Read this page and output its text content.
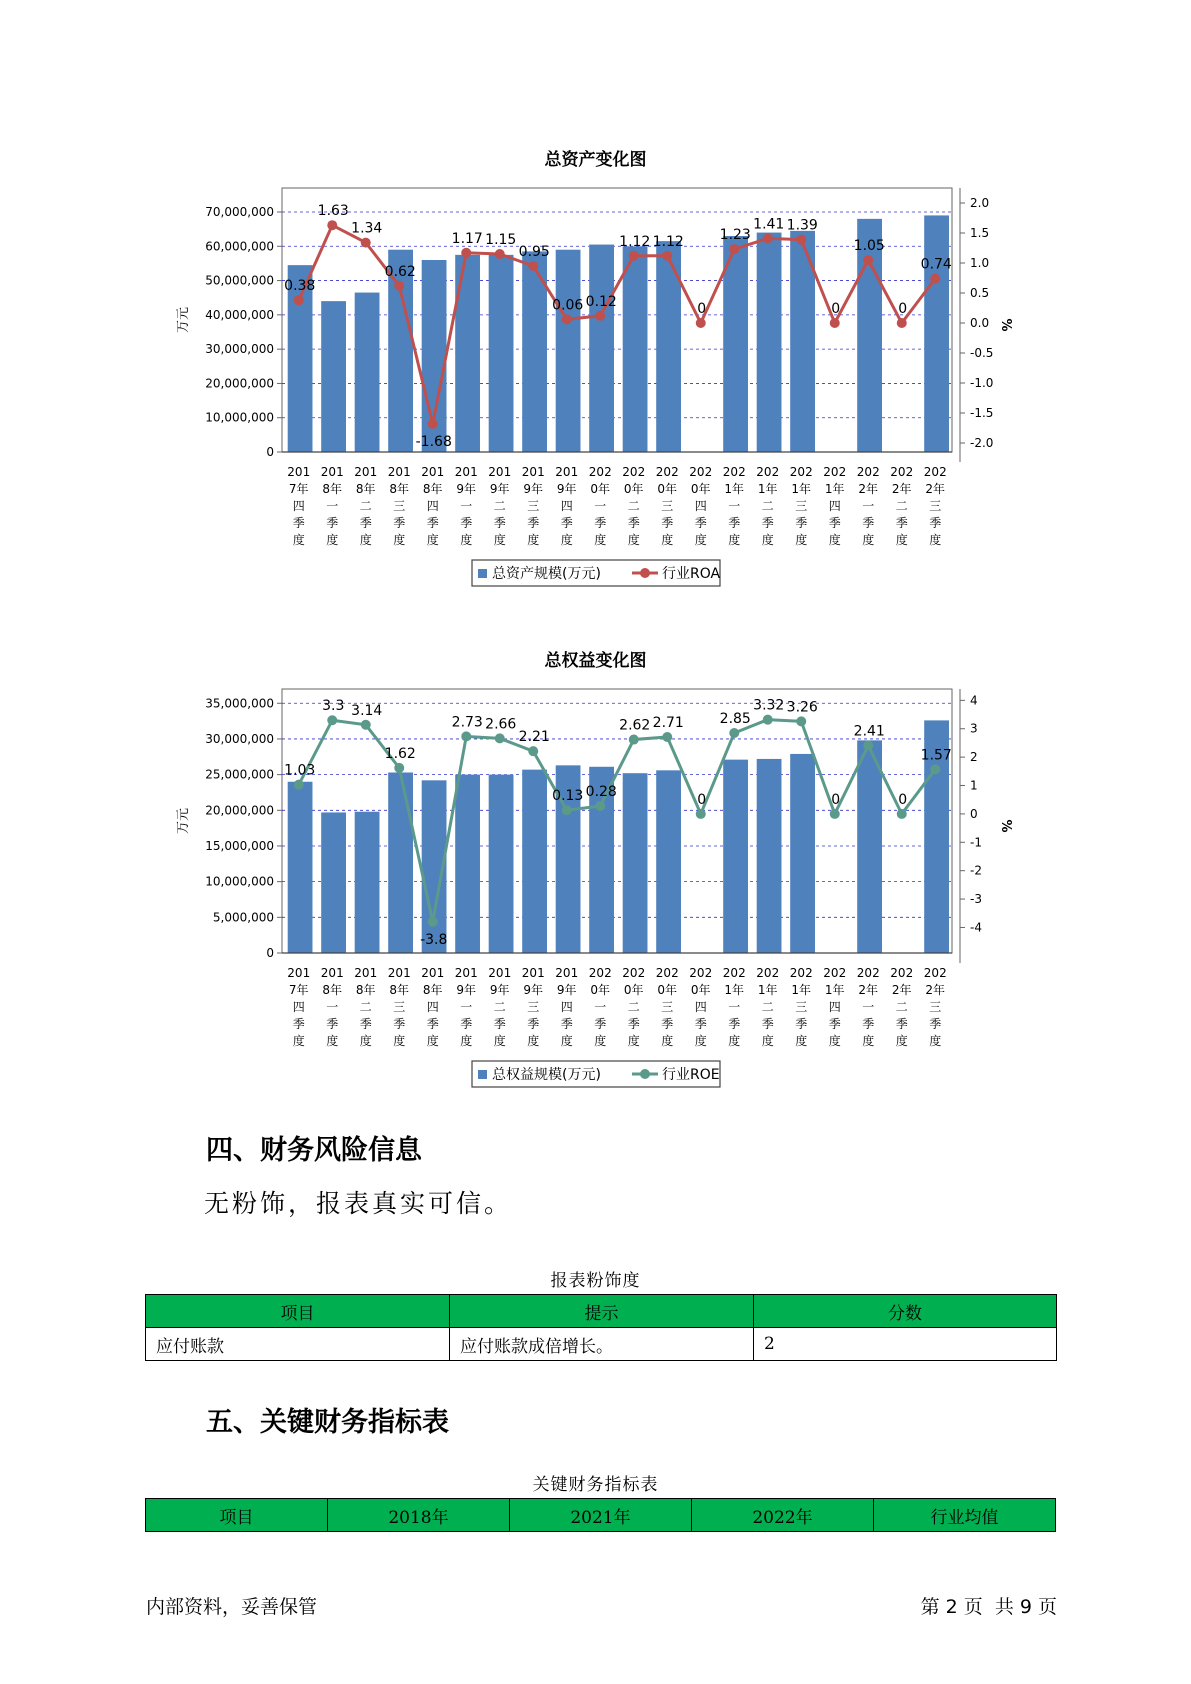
总资产变化图
0
10,000,000
20,000,000
30,000,000
40,000,000
50,000,000
60,000,000
70,000,000
-2.0
-1.5
-1.0
-0.5
0.0
0.5
1.0
1.5
2.0
万元	%
0.38
1.63
1.34
0.62
-1.68
1.17 1.15
0.95
0.06 0.12
1.12 1.12
0
1.23
1.41 1.39
0
1.05
0
0.74
201 7年四季度
201 8年一季度
201 8年二季度
201 8年三季度
201 8年四季度
201 9年一季度
201 9年二季度
201 9年三季度
201 9年四季度
202 0年一季度
202 0年二季度
202 0年三季度
202 0年四季度
202 1年一季度
202 1年二季度
202 1年三季度
202 1年四季度
202 2年一季度
202 2年二季度
202 2年三季度
总资产规模(万元)	行业ROA
总权益变化图
0
5,000,000
10,000,000
15,000,000
20,000,000
25,000,000
30,000,000
35,000,000
-4
-3
-2
-1
0
1
2
3
4
万元	%
1.03
3.3 3.14
1.62
-3.8
2.73 2.66
2.21
0.13 0.28
2.62 2.71
0
2.85
3.32 3.26
0
2.41
0
1.57
201 7年四季度
201 8年一季度
201 8年二季度
201 8年三季度
201 8年四季度
201 9年一季度
201 9年二季度
201 9年三季度
201 9年四季度
202 0年一季度
202 0年二季度
202 0年三季度
202 0年四季度
202 1年一季度
202 1年二季度
202 1年三季度
202 1年四季度
202 2年一季度
202 2年二季度
202 2年三季度
总权益规模(万元)	行业ROE
四、财务风险信息
无粉饰，报表真实可信。
报表粉饰度
项目	提示	分数
应付账款	应付账款成倍增长。	2
五、关键财务指标表
关键财务指标表
项目	2018年	2021年	2022年	行业均值
内部资料，妥善保管	第 2 页  共 9 页
